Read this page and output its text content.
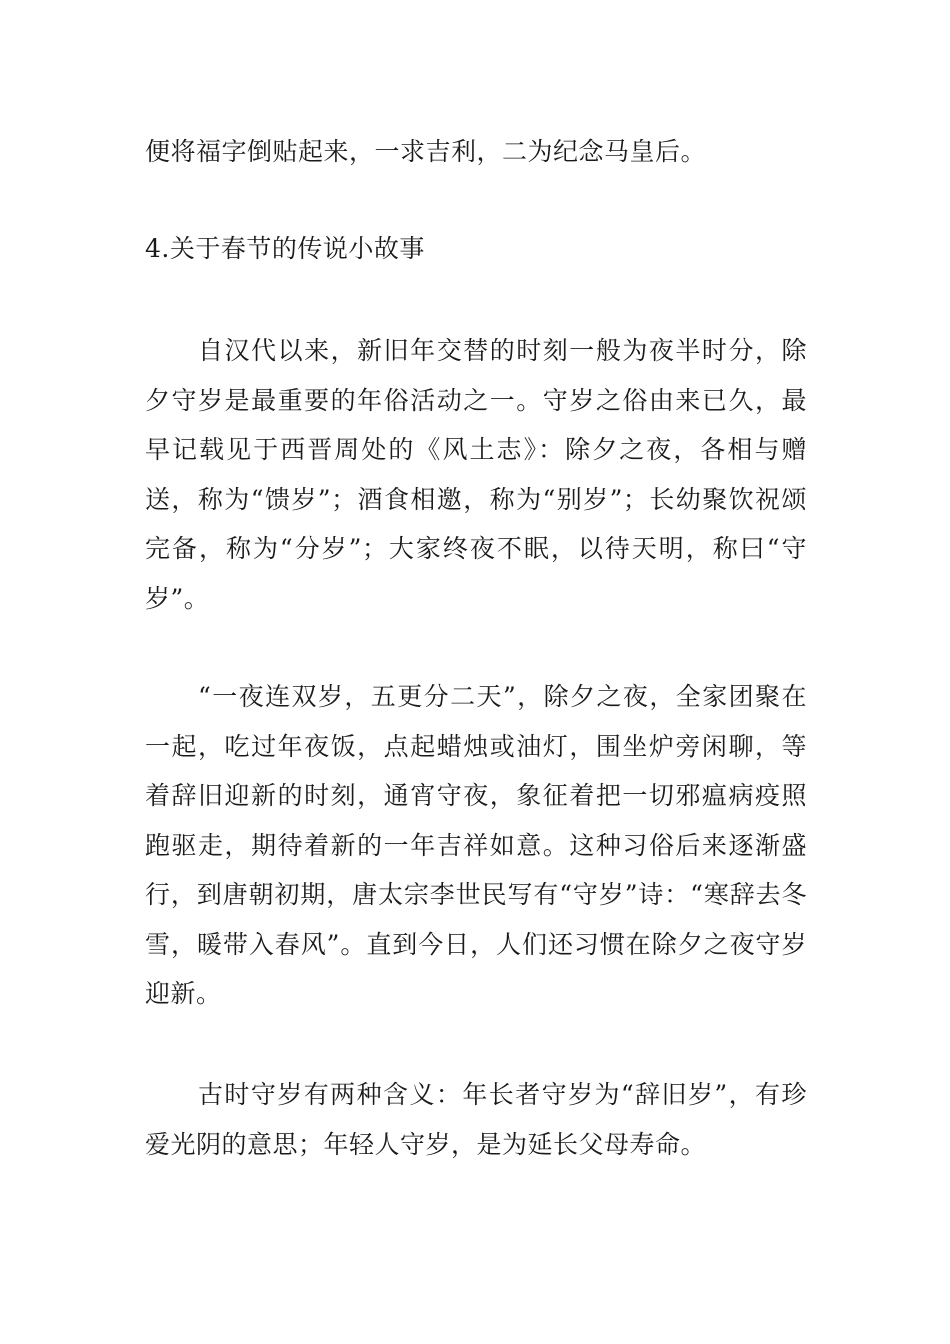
便将福字倒贴起来，一求吉利，二为纪念马皇后。

4.关于春节的传说小故事

自汉代以来，新旧年交替的时刻一般为夜半时分，除夕守岁是最重要的年俗活动之一。守岁之俗由来已久，最早记载见于西晋周处的《风土志》：除夕之夜，各相与赠送，称为“馈岁”；酒食相邀，称为“别岁”；长幼聚饮祝颂完备，称为“分岁”；大家终夜不眠，以待天明，称曰“守岁”。

“一夜连双岁，五更分二天”，除夕之夜，全家团聚在一起，吃过年夜饭，点起蜡烛或油灯，围坐炉旁闲聊，等着辞旧迎新的时刻，通宵守夜，象征着把一切邪瘟病疫照跑驱走，期待着新的一年吉祥如意。这种习俗后来逐渐盛行，到唐朝初期，唐太宗李世民写有“守岁”诗：“寒辞去冬雪，暖带入春风”。直到今日，人们还习惯在除夕之夜守岁迎新。

古时守岁有两种含义：年长者守岁为“辞旧岁”，有珍爱光阴的意思；年轻人守岁，是为延长父母寿命。
